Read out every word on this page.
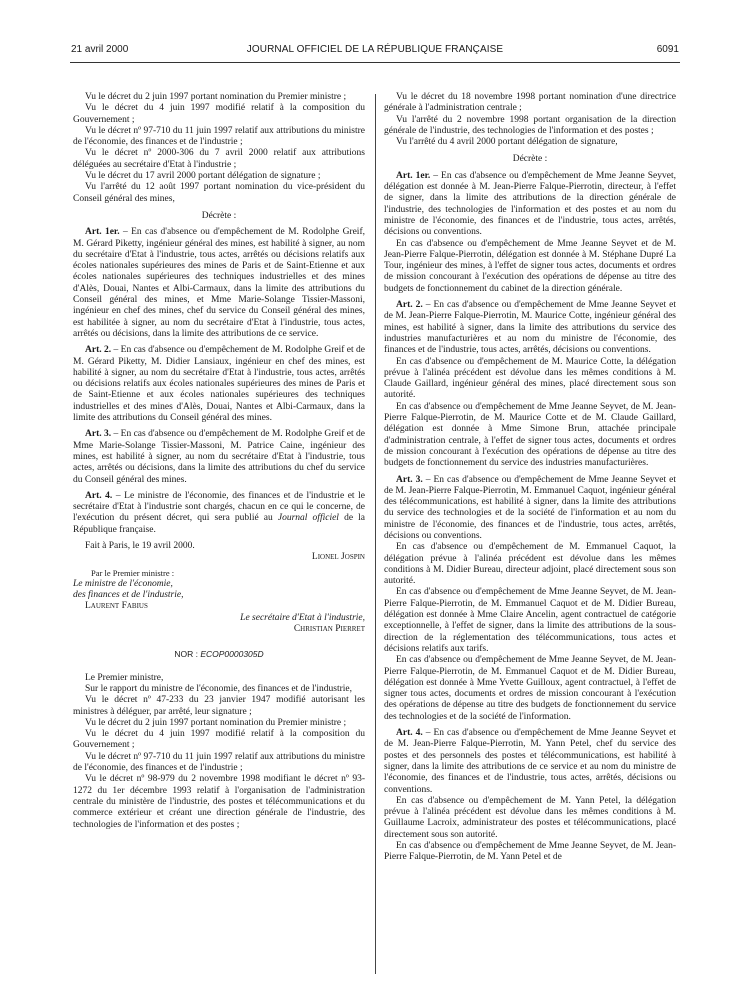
21 avril 2000	JOURNAL OFFICIEL DE LA RÉPUBLIQUE FRANÇAISE	6091

Vu le décret du 2 juin 1997 portant nomination du Premier ministre ;

Vu le décret du 4 juin 1997 modifié relatif à la composition du Gouvernement ;

Vu le décret nº 97-710 du 11 juin 1997 relatif aux attributions du ministre de l'économie, des finances et de l'industrie ;

Vu le décret nº 2000-306 du 7 avril 2000 relatif aux attributions déléguées au secrétaire d'Etat à l'industrie ;

Vu le décret du 17 avril 2000 portant délégation de signature ;

Vu l'arrêté du 12 août 1997 portant nomination du vice-président du Conseil général des mines,

Décrète :

Art. 1er. – En cas d'absence ou d'empêchement de M. Rodolphe Greif, M. Gérard Piketty, ingénieur général des mines, est habilité à signer, au nom du secrétaire d'Etat à l'industrie, tous actes, arrêtés ou décisions relatifs aux écoles nationales supérieures des mines de Paris et de Saint-Etienne et aux écoles nationales supérieures des techniques industrielles et des mines d'Alès, Douai, Nantes et Albi-Carmaux, dans la limite des attributions du Conseil général des mines, et Mme Marie-Solange Tissier-Massoni, ingénieur en chef des mines, chef du service du Conseil général des mines, est habilitée à signer, au nom du secrétaire d'Etat à l'industrie, tous actes, arrêtés ou décisions, dans la limite des attributions de ce service.

Art. 2. – En cas d'absence ou d'empêchement de M. Rodolphe Greif et de M. Gérard Piketty, M. Didier Lansiaux, ingénieur en chef des mines, est habilité à signer, au nom du secrétaire d'Etat à l'industrie, tous actes, arrêtés ou décisions relatifs aux écoles nationales supérieures des mines de Paris et de Saint-Etienne et aux écoles nationales supérieures des techniques industrielles et des mines d'Alès, Douai, Nantes et Albi-Carmaux, dans la limite des attributions du Conseil général des mines.

Art. 3. – En cas d'absence ou d'empêchement de M. Rodolphe Greif et de Mme Marie-Solange Tissier-Massoni, M. Patrice Caine, ingénieur des mines, est habilité à signer, au nom du secrétaire d'Etat à l'industrie, tous actes, arrêtés ou décisions, dans la limite des attributions du chef du service du Conseil général des mines.

Art. 4. – Le ministre de l'économie, des finances et de l'industrie et le secrétaire d'Etat à l'industrie sont chargés, chacun en ce qui le concerne, de l'exécution du présent décret, qui sera publié au Journal officiel de la République française.

Fait à Paris, le 19 avril 2000.

Lionel Jospin

Par le Premier ministre :

Le ministre de l'économie,

des finances et de l'industrie,

Laurent Fabius

Le secrétaire d'Etat à l'industrie,

Christian Pierret

NOR : ECOP0000305D

Le Premier ministre,

Sur le rapport du ministre de l'économie, des finances et de l'industrie,

Vu le décret nº 47-233 du 23 janvier 1947 modifié autorisant les ministres à déléguer, par arrêté, leur signature ;

Vu le décret du 2 juin 1997 portant nomination du Premier ministre ;

Vu le décret du 4 juin 1997 modifié relatif à la composition du Gouvernement ;

Vu le décret nº 97-710 du 11 juin 1997 relatif aux attributions du ministre de l'économie, des finances et de l'industrie ;

Vu le décret nº 98-979 du 2 novembre 1998 modifiant le décret nº 93-1272 du 1er décembre 1993 relatif à l'organisation de l'administration centrale du ministère de l'industrie, des postes et télécommunications et du commerce extérieur et créant une direction générale de l'industrie, des technologies de l'information et des postes ;

Vu le décret du 18 novembre 1998 portant nomination d'une directrice générale à l'administration centrale ;

Vu l'arrêté du 2 novembre 1998 portant organisation de la direction générale de l'industrie, des technologies de l'information et des postes ;

Vu l'arrêté du 4 avril 2000 portant délégation de signature,

Décrète :

Art. 1er. – En cas d'absence ou d'empêchement de Mme Jeanne Seyvet, délégation est donnée à M. Jean-Pierre Falque-Pierrotin, directeur, à l'effet de signer, dans la limite des attributions de la direction générale de l'industrie, des technologies de l'information et des postes et au nom du ministre de l'économie, des finances et de l'industrie, tous actes, arrêtés, décisions ou conventions.

En cas d'absence ou d'empêchement de Mme Jeanne Seyvet et de M. Jean-Pierre Falque-Pierrotin, délégation est donnée à M. Stéphane Dupré La Tour, ingénieur des mines, à l'effet de signer tous actes, documents et ordres de mission concourant à l'exécution des opérations de dépense au titre des budgets de fonctionnement du cabinet de la direction générale.

Art. 2. – En cas d'absence ou d'empêchement de Mme Jeanne Seyvet et de M. Jean-Pierre Falque-Pierrotin, M. Maurice Cotte, ingénieur général des mines, est habilité à signer, dans la limite des attributions du service des industries manufacturières et au nom du ministre de l'économie, des finances et de l'industrie, tous actes, arrêtés, décisions ou conventions.

En cas d'absence ou d'empêchement de M. Maurice Cotte, la délégation prévue à l'alinéa précédent est dévolue dans les mêmes conditions à M. Claude Gaillard, ingénieur général des mines, placé directement sous son autorité.

En cas d'absence ou d'empêchement de Mme Jeanne Seyvet, de M. Jean-Pierre Falque-Pierrotin, de M. Maurice Cotte et de M. Claude Gaillard, délégation est donnée à Mme Simone Brun, attachée principale d'administration centrale, à l'effet de signer tous actes, documents et ordres de mission concourant à l'exécution des opérations de dépense au titre des budgets de fonctionnement du service des industries manufacturières.

Art. 3. – En cas d'absence ou d'empêchement de Mme Jeanne Seyvet et de M. Jean-Pierre Falque-Pierrotin, M. Emmanuel Caquot, ingénieur général des télécommunications, est habilité à signer, dans la limite des attributions du service des technologies et de la société de l'information et au nom du ministre de l'économie, des finances et de l'industrie, tous actes, arrêtés, décisions ou conventions.

En cas d'absence ou d'empêchement de M. Emmanuel Caquot, la délégation prévue à l'alinéa précédent est dévolue dans les mêmes conditions à M. Didier Bureau, directeur adjoint, placé directement sous son autorité.

En cas d'absence ou d'empêchement de Mme Jeanne Seyvet, de M. Jean-Pierre Falque-Pierrotin, de M. Emmanuel Caquot et de M. Didier Bureau, délégation est donnée à Mme Claire Ancelin, agent contractuel de catégorie exceptionnelle, à l'effet de signer, dans la limite des attributions de la sous-direction de la réglementation des télécommunications, tous actes et décisions relatifs aux tarifs.

En cas d'absence ou d'empêchement de Mme Jeanne Seyvet, de M. Jean-Pierre Falque-Pierrotin, de M. Emmanuel Caquot et de M. Didier Bureau, délégation est donnée à Mme Yvette Guilloux, agent contractuel, à l'effet de signer tous actes, documents et ordres de mission concourant à l'exécution des opérations de dépense au titre des budgets de fonctionnement du service des technologies et de la société de l'information.

Art. 4. – En cas d'absence ou d'empêchement de Mme Jeanne Seyvet et de M. Jean-Pierre Falque-Pierrotin, M. Yann Petel, chef du service des postes et des personnels des postes et télécommunications, est habilité à signer, dans la limite des attributions de ce service et au nom du ministre de l'économie, des finances et de l'industrie, tous actes, arrêtés, décisions ou conventions.

En cas d'absence ou d'empêchement de M. Yann Petel, la délégation prévue à l'alinéa précédent est dévolue dans les mêmes conditions à M. Guillaume Lacroix, administrateur des postes et télécommunications, placé directement sous son autorité.

En cas d'absence ou d'empêchement de Mme Jeanne Seyvet, de M. Jean-Pierre Falque-Pierrotin, de M. Yann Petel et de
